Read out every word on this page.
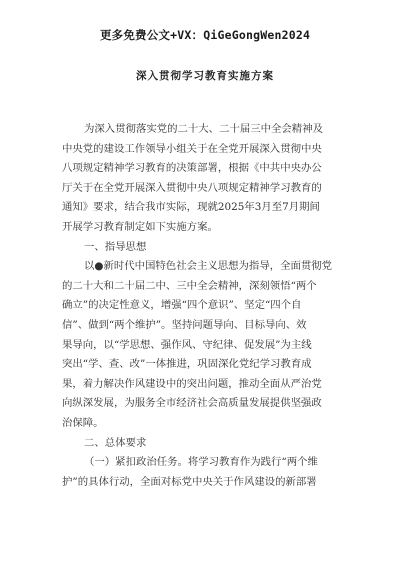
更多免费公文+VX：QiGeGongWen2024
深入贯彻学习教育实施方案
为深入贯彻落实党的二十大、二十届三中全会精神及
中央党的建设工作领导小组关于在全党开展深入贯彻中央
八项规定精神学习教育的决策部署，根据《中共中央办公
厅关于在全党开展深入贯彻中央八项规定精神学习教育的
通知》要求，结合我市实际，现就2025年3月至7月期间
开展学习教育制定如下实施方案。
一、指导思想
以●新时代中国特色社会主义思想为指导，全面贯彻党
的二十大和二十届二中、三中全会精神，深刻领悟“两个
确立”的决定性意义，增强“四个意识”、坚定“四个自
信”、做到“两个维护”。坚持问题导向、目标导向、效
果导向，以“学思想、强作风、守纪律、促发展”为主线
突出“学、查、改”一体推进，巩固深化党纪学习教育成
果，着力解决作风建设中的突出问题，推动全面从严治党
向纵深发展，为服务全市经济社会高质量发展提供坚强政
治保障。
二、总体要求
（一）紧扣政治任务。将学习教育作为践行“两个维
护”的具体行动，全面对标党中央关于作风建设的新部署
